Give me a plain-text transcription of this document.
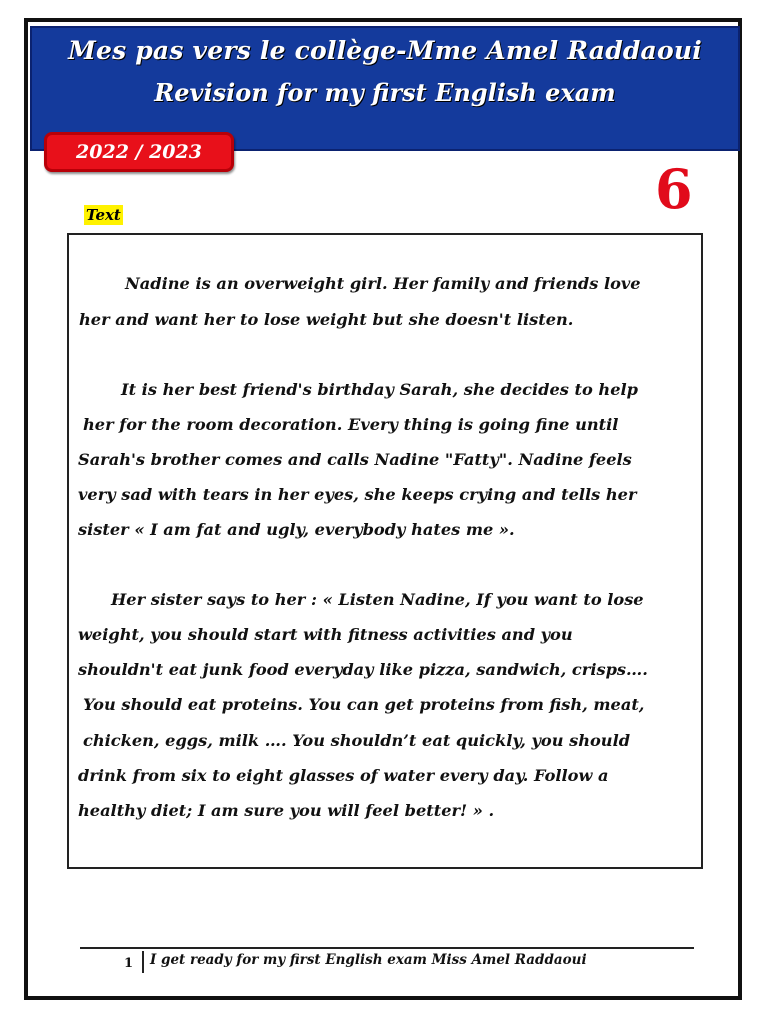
Mes pas vers le collège-Mme Amel Raddaoui
Revision for my first English exam
2022 / 2023
6
Text
Nadine is an overweight girl. Her family and friends love
her and want her to lose weight but she doesn't listen.
It is her best friend's birthday Sarah, she decides to help
her for the room decoration. Every thing is going fine until
Sarah's brother comes and calls Nadine "Fatty". Nadine feels
very sad with tears in her eyes, she keeps crying and tells her
sister « I am fat and ugly, everybody hates me ».
Her sister says to her : « Listen Nadine, If you want to lose
weight, you should start with fitness activities and you
shouldn't eat junk food everyday like pizza, sandwich, crisps….
You should eat proteins. You can get proteins from fish, meat,
chicken, eggs, milk …. You shouldn’t eat quickly, you should
drink from six to eight glasses of water every day. Follow a
healthy diet; I am sure you will feel better! » .
1 I get ready for my first English exam Miss Amel Raddaoui
